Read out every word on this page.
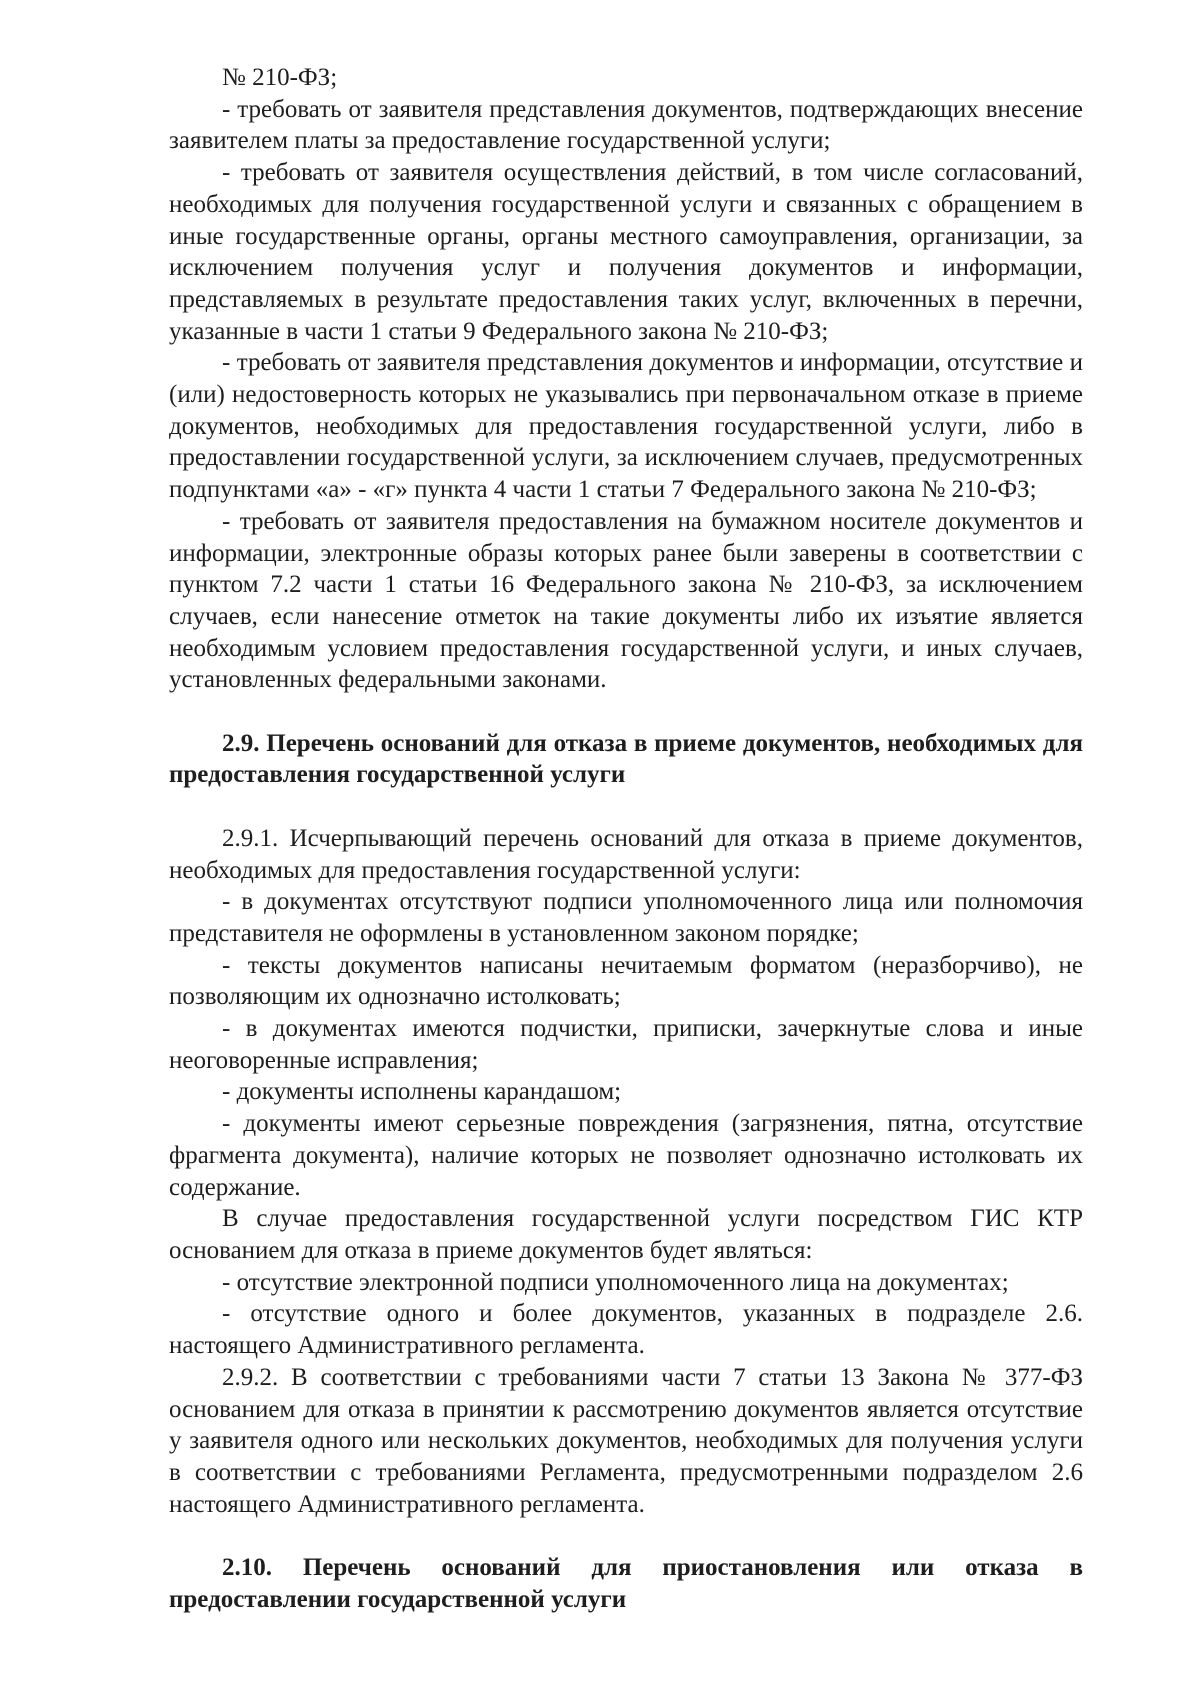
№ 210-ФЗ;

- требовать от заявителя представления документов, подтверждающих внесение заявителем платы за предоставление государственной услуги;

- требовать от заявителя осуществления действий, в том числе согласований, необходимых для получения государственной услуги и связанных с обращением в иные государственные органы, органы местного самоуправления, организации, за исключением получения услуг и получения документов и информации, представляемых в результате предоставления таких услуг, включенных в перечни, указанные в части 1 статьи 9 Федерального закона № 210-ФЗ;

- требовать от заявителя представления документов и информации, отсутствие и (или) недостоверность которых не указывались при первоначальном отказе в приеме документов, необходимых для предоставления государственной услуги, либо в предоставлении государственной услуги, за исключением случаев, предусмотренных подпунктами «а» - «г» пункта 4 части 1 статьи 7 Федерального закона № 210-ФЗ;

- требовать от заявителя предоставления на бумажном носителе документов и информации, электронные образы которых ранее были заверены в соответствии с пунктом 7.2 части 1 статьи 16 Федерального закона № 210-ФЗ, за исключением случаев, если нанесение отметок на такие документы либо их изъятие является необходимым условием предоставления государственной услуги, и иных случаев, установленных федеральными законами.

2.9. Перечень оснований для отказа в приеме документов, необходимых для предоставления государственной услуги

2.9.1. Исчерпывающий перечень оснований для отказа в приеме документов, необходимых для предоставления государственной услуги:

- в документах отсутствуют подписи уполномоченного лица или полномочия представителя не оформлены в установленном законом порядке;

- тексты документов написаны нечитаемым форматом (неразборчиво), не позволяющим их однозначно истолковать;

- в документах имеются подчистки, приписки, зачеркнутые слова и иные неоговоренные исправления;

- документы исполнены карандашом;

- документы имеют серьезные повреждения (загрязнения, пятна, отсутствие фрагмента документа), наличие которых не позволяет однозначно истолковать их содержание.

В случае предоставления государственной услуги посредством ГИС КТР основанием для отказа в приеме документов будет являться:

- отсутствие электронной подписи уполномоченного лица на документах;

- отсутствие одного и более документов, указанных в подразделе 2.6. настоящего Административного регламента.

2.9.2. В соответствии с требованиями части 7 статьи 13 Закона № 377-ФЗ основанием для отказа в принятии к рассмотрению документов является отсутствие у заявителя одного или нескольких документов, необходимых для получения услуги в соответствии с требованиями Регламента, предусмотренными подразделом 2.6 настоящего Административного регламента.

2.10. Перечень оснований для приостановления или отказа в предоставлении государственной услуги
